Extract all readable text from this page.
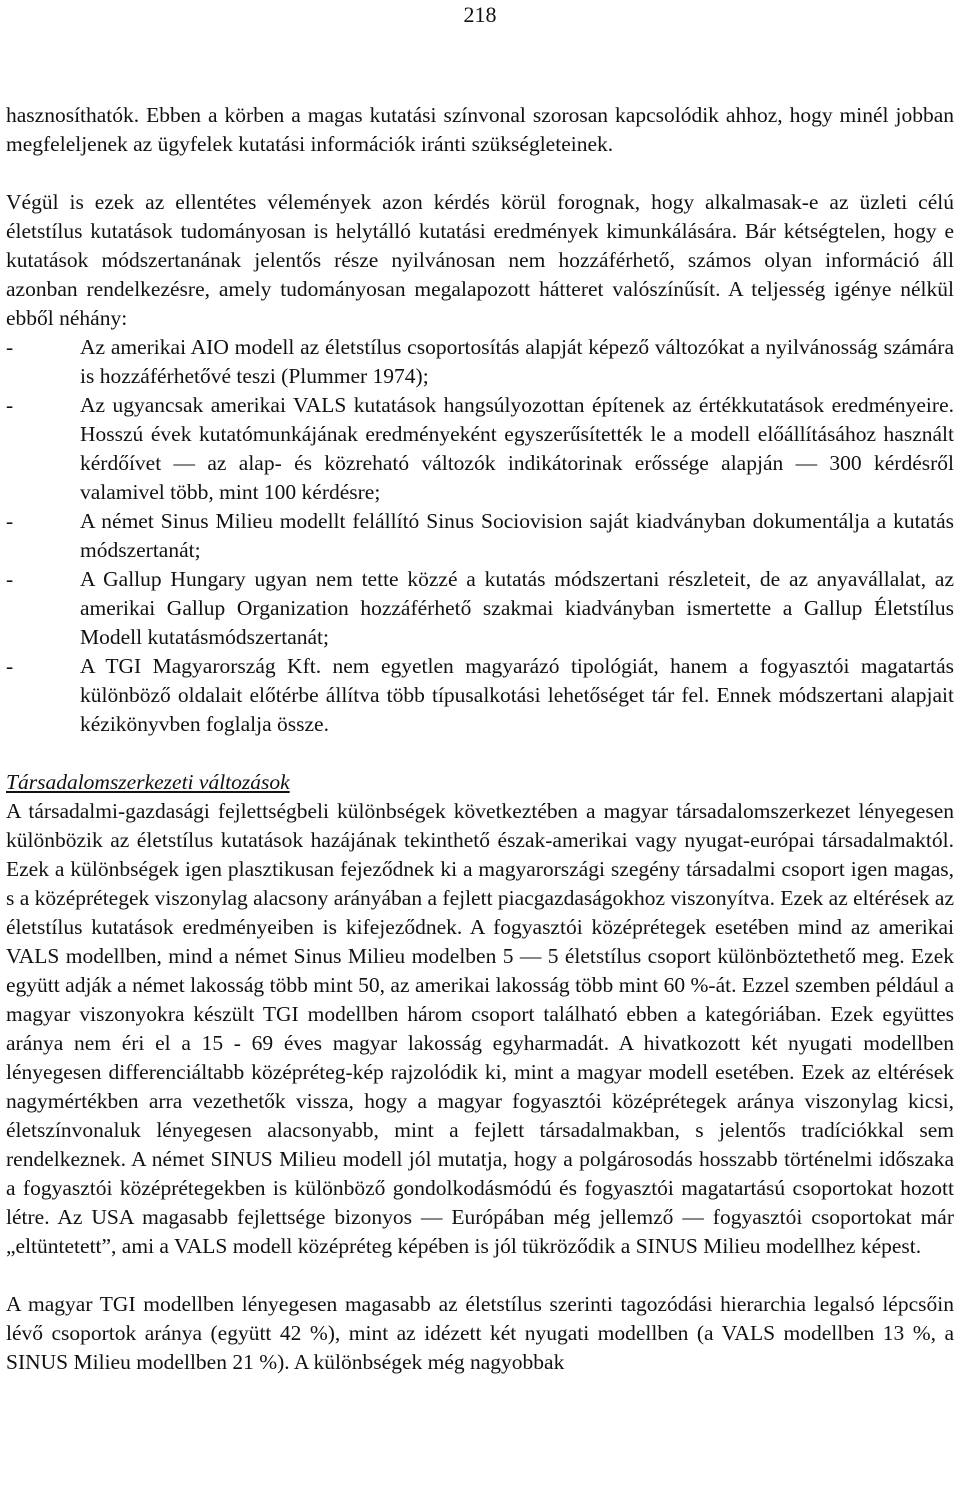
218

hasznosíthatók. Ebben a körben a magas kutatási színvonal szorosan kapcsolódik ahhoz, hogy minél jobban megfeleljenek az ügyfelek kutatási információk iránti szükségleteinek.

Végül is ezek az ellentétes vélemények azon kérdés körül forognak, hogy alkalmasak-e az üzleti célú életstílus kutatások tudományosan is helytálló kutatási eredmények kimunkálására. Bár kétségtelen, hogy e kutatások módszertanának jelentős része nyilvánosan nem hozzáférhető, számos olyan információ áll azonban rendelkezésre, amely tudományosan megalapozott hátteret valószínűsít. A teljesség igénye nélkül ebből néhány:

-	Az amerikai AIO modell az életstílus csoportosítás alapját képező változókat a nyilvánosság számára is hozzáférhetővé teszi (Plummer 1974);
-	Az ugyancsak amerikai VALS kutatások hangsúlyozottan építenek az értékkutatások eredményeire. Hosszú évek kutatómunkájának eredményeként egyszerűsítették le a modell előállításához használt kérdőívet — az alap- és közreható változók indikátorinak erőssége alapján — 300 kérdésről valamivel több, mint 100 kérdésre;
-	A német Sinus Milieu modellt felállító Sinus Sociovision saját kiadványban dokumentálja a kutatás módszertanát;
-	A Gallup Hungary ugyan nem tette közzé a kutatás módszertani részleteit, de az anyavállalat, az amerikai Gallup Organization hozzáférhető szakmai kiadványban ismertette a Gallup Életstílus Modell kutatásmódszertanát;
-	A TGI Magyarország Kft. nem egyetlen magyarázó tipológiát, hanem a fogyasztói magatartás különböző oldalait előtérbe állítva több típusalkotási lehetőséget tár fel. Ennek módszertani alapjait kézikönyvben foglalja össze.

Társadalomszerkezeti változások

A társadalmi-gazdasági fejlettségbeli különbségek következtében a magyar társadalomszerkezet lényegesen különbözik az életstílus kutatások hazájának tekinthető észak-amerikai vagy nyugat-európai társadalmaktól. Ezek a különbségek igen plasztikusan fejeződnek ki a magyarországi szegény társadalmi csoport igen magas, s a középrétegek viszonylag alacsony arányában a fejlett piacgazdaságokhoz viszonyítva. Ezek az eltérések az életstílus kutatások eredményeiben is kifejeződnek. A fogyasztói középrétegek esetében mind az amerikai VALS modellben, mind a német Sinus Milieu modelben 5 — 5 életstílus csoport különböztethető meg. Ezek együtt adják a német lakosság több mint 50, az amerikai lakosság több mint 60 %-át. Ezzel szemben például a magyar viszonyokra készült TGI modellben három csoport található ebben a kategóriában. Ezek együttes aránya nem éri el a 15 - 69 éves magyar lakosság egyharmadát. A hivatkozott két nyugati modellben lényegesen differenciáltabb középréteg-kép rajzolódik ki, mint a magyar modell esetében. Ezek az eltérések nagymértékben arra vezethetők vissza, hogy a magyar fogyasztói középrétegek aránya viszonylag kicsi, életszínvonaluk lényegesen alacsonyabb, mint a fejlett társadalmakban, s jelentős tradíciókkal sem rendelkeznek. A német SINUS Milieu modell jól mutatja, hogy a polgárosodás hosszabb történelmi időszaka a fogyasztói középrétegekben is különböző gondolkodásmódú és fogyasztói magatartású csoportokat hozott létre. Az USA magasabb fejlettsége bizonyos — Európában még jellemző — fogyasztói csoportokat már „eltüntetett”, ami a VALS modell középréteg képében is jól tükröződik a SINUS Milieu modellhez képest.

A magyar TGI modellben lényegesen magasabb az életstílus szerinti tagozódási hierarchia legalsó lépcsőin lévő csoportok aránya (együtt 42 %), mint az idézett két nyugati modellben (a VALS modellben 13 %, a SINUS Milieu modellben 21 %). A különbségek még nagyobbak
